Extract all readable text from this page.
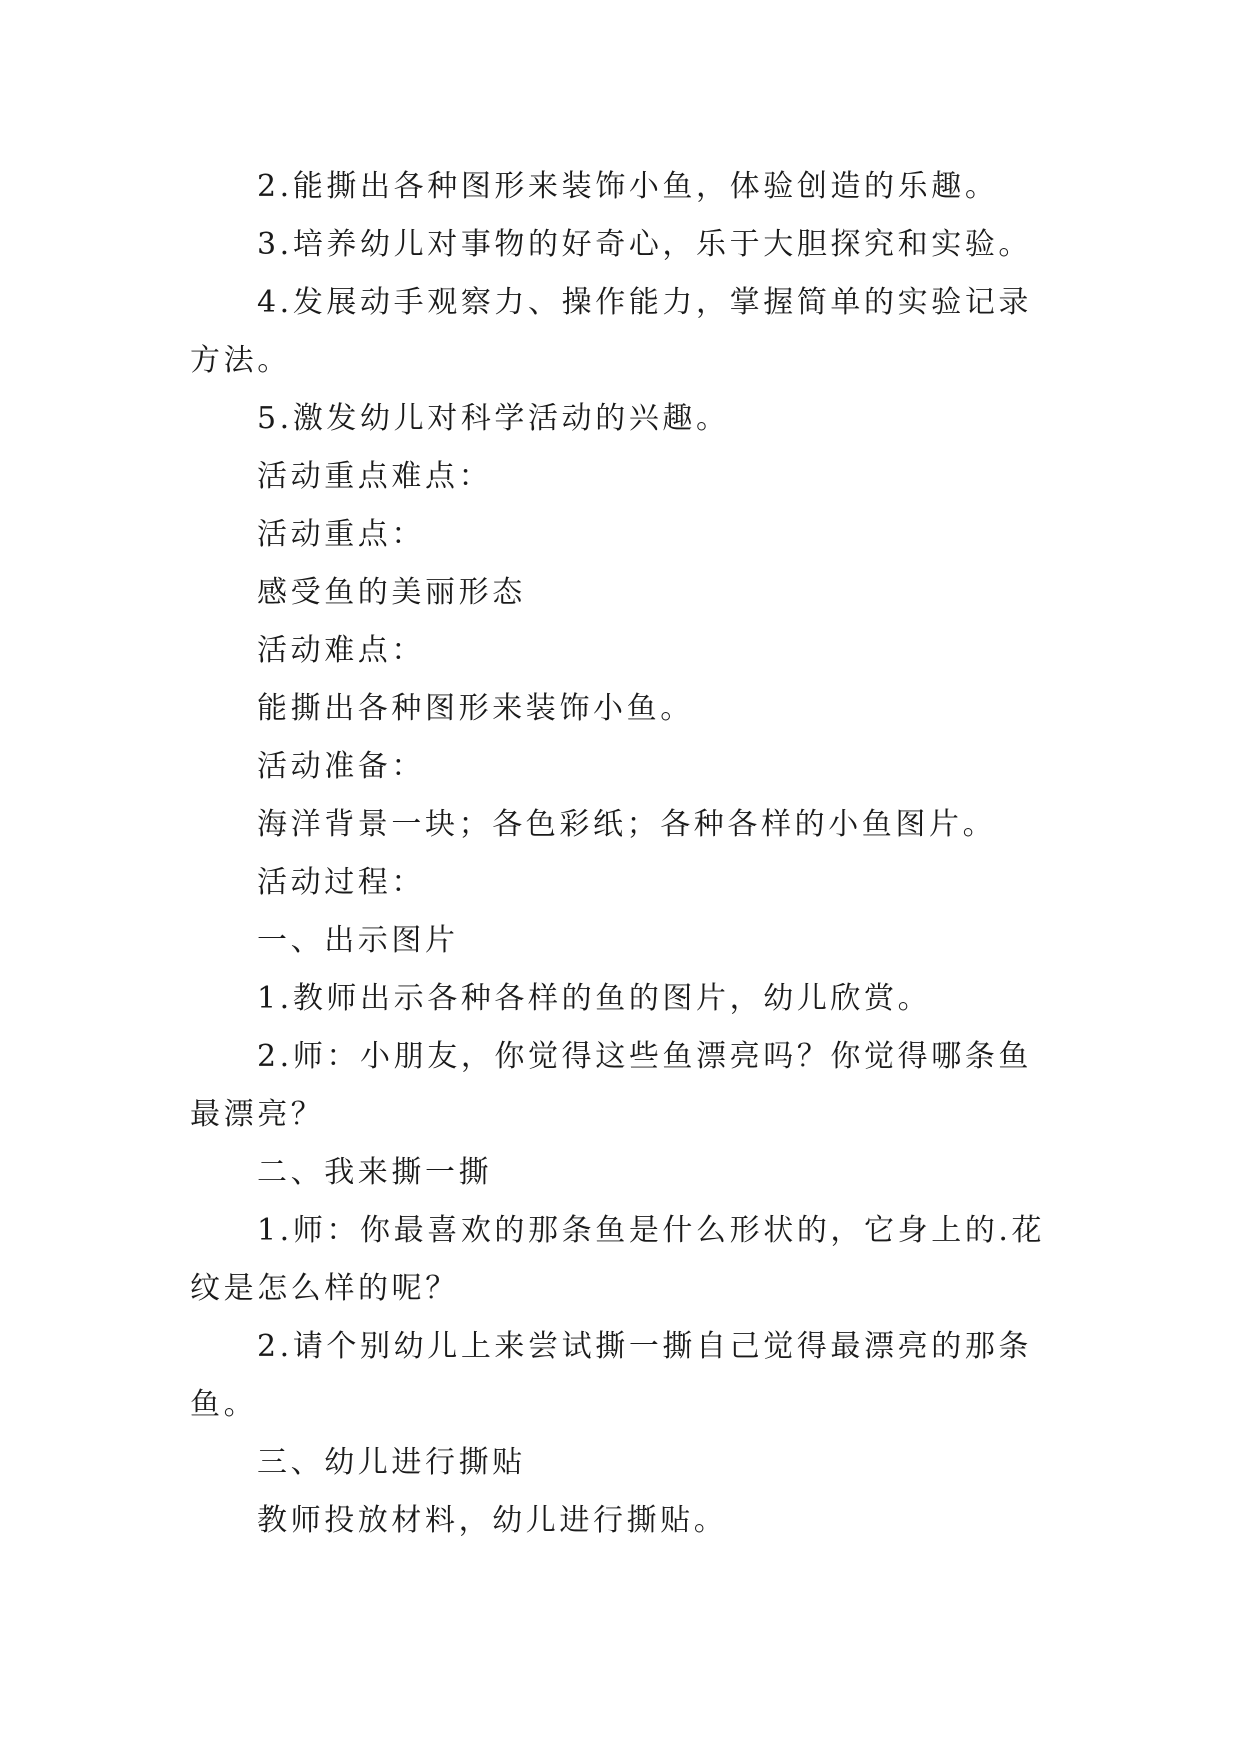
2.能撕出各种图形来装饰小鱼，体验创造的乐趣。

3.培养幼儿对事物的好奇心，乐于大胆探究和实验。

4.发展动手观察力、操作能力，掌握简单的实验记录方法。

5.激发幼儿对科学活动的兴趣。

活动重点难点：

活动重点：

感受鱼的美丽形态

活动难点：

能撕出各种图形来装饰小鱼。

活动准备：

海洋背景一块；各色彩纸；各种各样的小鱼图片。

活动过程：

一、出示图片

1.教师出示各种各样的鱼的图片，幼儿欣赏。

2.师：小朋友，你觉得这些鱼漂亮吗？你觉得哪条鱼最漂亮？

二、我来撕一撕

1.师：你最喜欢的那条鱼是什么形状的，它身上的.花纹是怎么样的呢？

2.请个别幼儿上来尝试撕一撕自己觉得最漂亮的那条鱼。

三、幼儿进行撕贴

教师投放材料，幼儿进行撕贴。
